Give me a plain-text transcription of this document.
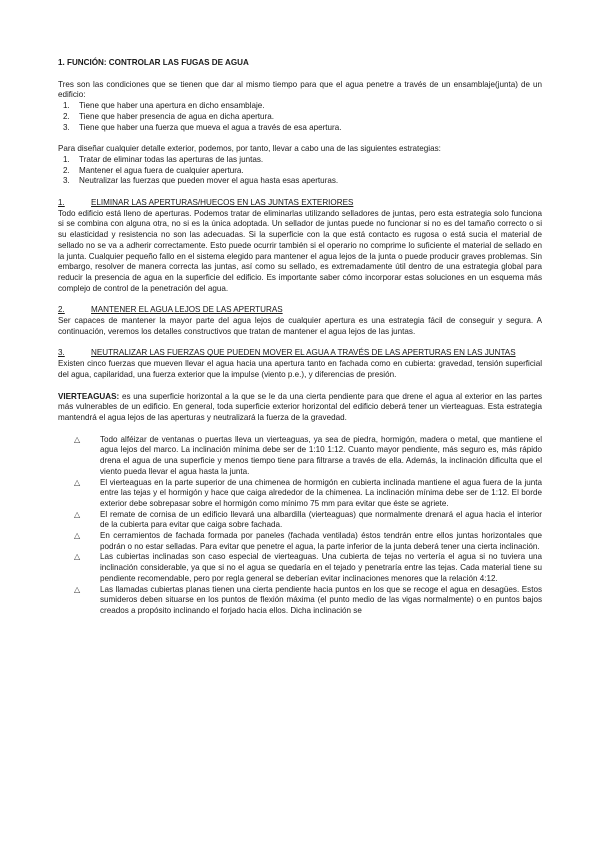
1. FUNCIÓN: CONTROLAR LAS FUGAS DE AGUA

Tres son las condiciones que se tienen que dar al mismo tiempo para que el agua penetre a través de un ensamblaje(junta) de un edificio:

1. Tiene que haber una apertura en dicho ensamblaje.
2. Tiene que haber presencia de agua en dicha apertura.
3. Tiene que haber una fuerza que mueva el agua a través de esa apertura.

Para diseñar cualquier detalle exterior, podemos, por tanto, llevar a cabo una de las siguientes estrategias:

1. Tratar de eliminar todas las aperturas de las juntas.
2. Mantener el agua fuera de cualquier apertura.
3. Neutralizar las fuerzas que pueden mover el agua hasta esas aperturas.
1.	ELIMINAR LAS APERTURAS/HUECOS EN LAS JUNTAS EXTERIORES

Todo edificio está lleno de aperturas. Podemos tratar de eliminarlas utilizando selladores de juntas, pero esta estrategia solo funciona si se combina con alguna otra, no si es la única adoptada. Un sellador de juntas puede no funcionar si no es del tamaño correcto o si su elasticidad y resistencia no son las adecuadas. Si la superficie con la que está contacto es rugosa o está sucia el material de sellado no se va a adherir correctamente. Esto puede ocurrir también si el operario no comprime lo suficiente el material de sellado en la junta. Cualquier pequeño fallo en el sistema elegido para mantener el agua lejos de la junta o puede producir graves problemas. Sin embargo, resolver de manera correcta las juntas, así como su sellado, es extremadamente útil dentro de una estrategia global para reducir la presencia de agua en la superficie del edificio. Es importante saber cómo incorporar estas soluciones en un esquema más complejo de control de la penetración del agua.

2.	MANTENER EL AGUA LEJOS DE LAS APERTURAS

Ser capaces de mantener la mayor parte del agua lejos de cualquier apertura es una estrategia fácil de conseguir y segura. A continuación, veremos los detalles constructivos que tratan de mantener el agua lejos de las juntas.

3.	NEUTRALIZAR LAS FUERZAS QUE PUEDEN MOVER EL AGUA A TRAVÉS DE LAS APERTURAS EN LAS JUNTAS

Existen cinco fuerzas que mueven llevar el agua hacia una apertura tanto en fachada como en cubierta: gravedad, tensión superficial del agua, capilaridad, una fuerza exterior que la impulse (viento p.e.), y diferencias de presión.

VIERTEAGUAS: es una superficie horizontal a la que se le da una cierta pendiente para que drene el agua al exterior en las partes más vulnerables de un edificio. En general, toda superficie exterior horizontal del edificio deberá tener un vierteaguas. Esta estrategia mantendrá el agua lejos de las aperturas y neutralizará la fuerza de la gravedad.

△ Todo alféizar de ventanas o puertas lleva un vierteaguas, ya sea de piedra, hormigón, madera o metal, que mantiene el agua lejos del marco. La inclinación mínima debe ser de 1:10 1:12. Cuanto mayor pendiente, más seguro es, más rápido drena el agua de una superficie y menos tiempo tiene para filtrarse a través de ella. Además, la inclinación dificulta que el viento pueda llevar el agua hasta la junta.
△ El vierteaguas en la parte superior de una chimenea de hormigón en cubierta inclinada mantiene el agua fuera de la junta entre las tejas y el hormigón y hace que caiga alrededor de la chimenea. La inclinación mínima debe ser de 1:12. El borde exterior debe sobrepasar sobre el hormigón como mínimo 75 mm para evitar que éste se agriete.
△ El remate de cornisa de un edificio llevará una albardilla (vierteaguas) que normalmente drenará el agua hacia el interior de la cubierta para evitar que caiga sobre fachada.
△ En cerramientos de fachada formada por paneles (fachada ventilada) éstos tendrán entre ellos juntas horizontales que podrán o no estar selladas. Para evitar que penetre el agua, la parte inferior de la junta deberá tener una cierta inclinación.
△ Las cubiertas inclinadas son caso especial de vierteaguas. Una cubierta de tejas no vertería el agua si no tuviera una inclinación considerable, ya que si no el agua se quedaría en el tejado y penetraría entre las tejas. Cada material tiene su pendiente recomendable, pero por regla general se deberían evitar inclinaciones menores que la relación 4:12.
△ Las llamadas cubiertas planas tienen una cierta pendiente hacia puntos en los que se recoge el agua en desagües. Estos sumideros deben situarse en los puntos de flexión máxima (el punto medio de las vigas normalmente) o en puntos bajos creados a propósito inclinando el forjado hacia ellos. Dicha inclinación se
